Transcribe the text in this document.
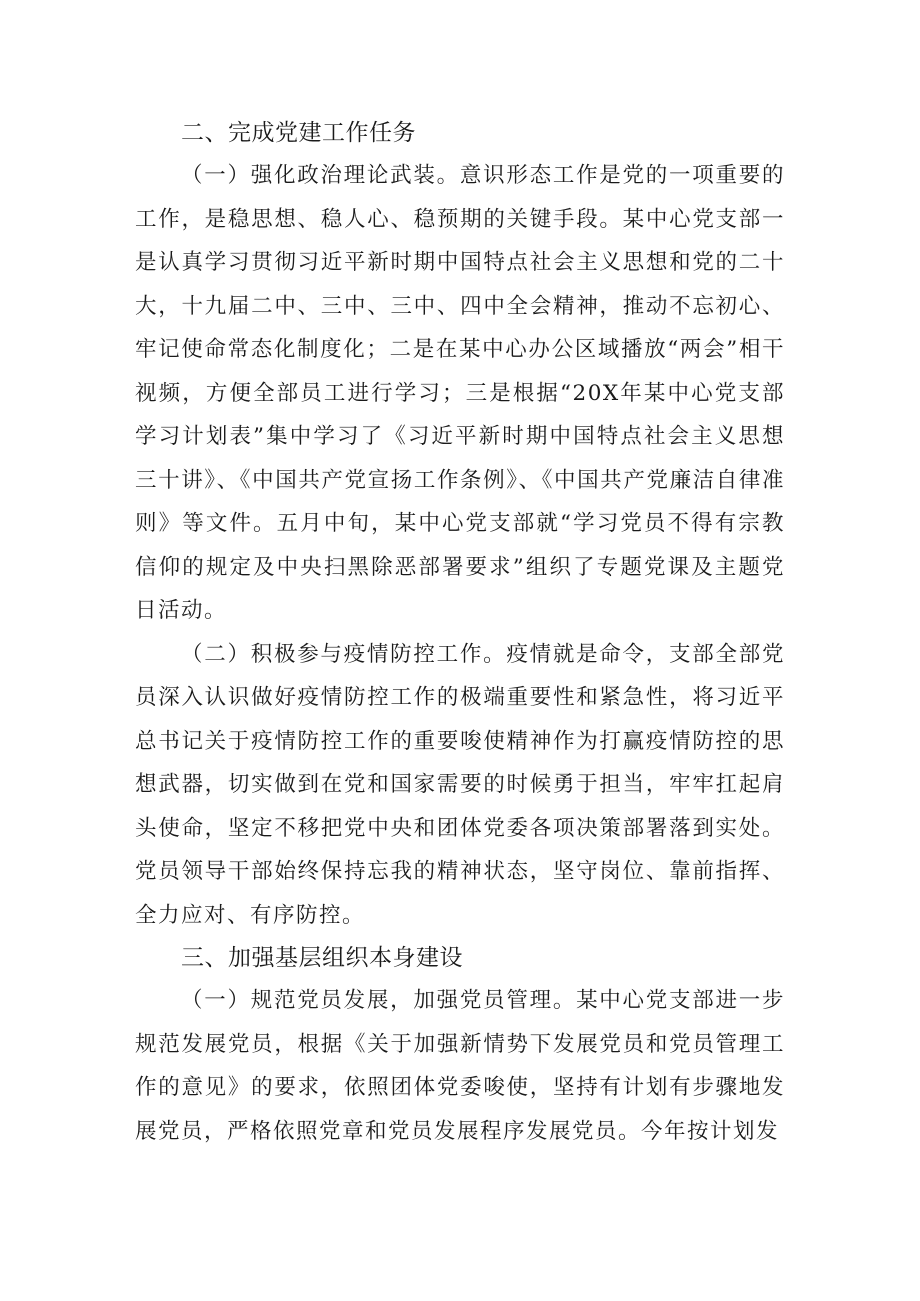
二、完成党建工作任务

（一）强化政治理论武装。意识形态工作是党的一项重要的工作，是稳思想、稳人心、稳预期的关键手段。某中心党支部一是认真学习贯彻习近平新时期中国特点社会主义思想和党的二十大，十九届二中、三中、三中、四中全会精神，推动不忘初心、牢记使命常态化制度化；二是在某中心办公区域播放“两会”相干视频，方便全部员工进行学习；三是根据“20X年某中心党支部学习计划表”集中学习了《习近平新时期中国特点社会主义思想三十讲》、《中国共产党宣扬工作条例》、《中国共产党廉洁自律准则》等文件。五月中旬，某中心党支部就“学习党员不得有宗教信仰的规定及中央扫黑除恶部署要求”组织了专题党课及主题党日活动。

（二）积极参与疫情防控工作。疫情就是命令，支部全部党员深入认识做好疫情防控工作的极端重要性和紧急性，将习近平总书记关于疫情防控工作的重要唆使精神作为打赢疫情防控的思想武器，切实做到在党和国家需要的时候勇于担当，牢牢扛起肩头使命，坚定不移把党中央和团体党委各项决策部署落到实处。党员领导干部始终保持忘我的精神状态，坚守岗位、靠前指挥、全力应对、有序防控。

三、加强基层组织本身建设

（一）规范党员发展，加强党员管理。某中心党支部进一步规范发展党员，根据《关于加强新情势下发展党员和党员管理工作的意见》的要求，依照团体党委唆使，坚持有计划有步骤地发展党员，严格依照党章和党员发展程序发展党员。今年按计划发
